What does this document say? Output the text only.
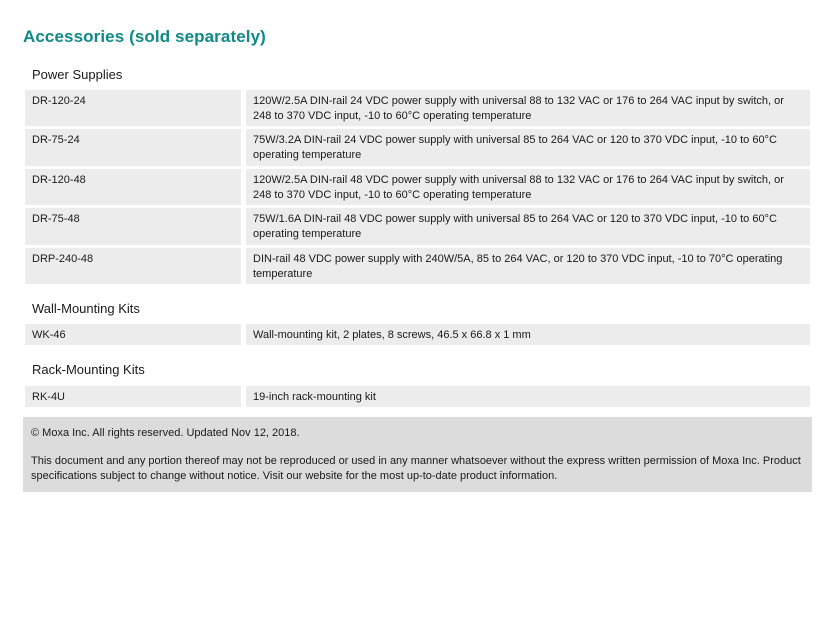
Accessories (sold separately)
Power Supplies
DR-120-24	120W/2.5A DIN-rail 24 VDC power supply with universal 88 to 132 VAC or 176 to 264 VAC input by switch, or 248 to 370 VDC input, -10 to 60°C operating temperature
DR-75-24	75W/3.2A DIN-rail 24 VDC power supply with universal 85 to 264 VAC or 120 to 370 VDC input, -10 to 60°C operating temperature
DR-120-48	120W/2.5A DIN-rail 48 VDC power supply with universal 88 to 132 VAC or 176 to 264 VAC input by switch, or 248 to 370 VDC input, -10 to 60°C operating temperature
DR-75-48	75W/1.6A DIN-rail 48 VDC power supply with universal 85 to 264 VAC or 120 to 370 VDC input, -10 to 60°C operating temperature
DRP-240-48	DIN-rail 48 VDC power supply with 240W/5A, 85 to 264 VAC, or 120 to 370 VDC input, -10 to 70°C operating temperature
Wall-Mounting Kits
WK-46	Wall-mounting kit, 2 plates, 8 screws, 46.5 x 66.8 x 1 mm
Rack-Mounting Kits
RK-4U	19-inch rack-mounting kit

© Moxa Inc. All rights reserved. Updated Nov 12, 2018.

This document and any portion thereof may not be reproduced or used in any manner whatsoever without the express written permission of Moxa Inc. Product specifications subject to change without notice. Visit our website for the most up-to-date product information.
